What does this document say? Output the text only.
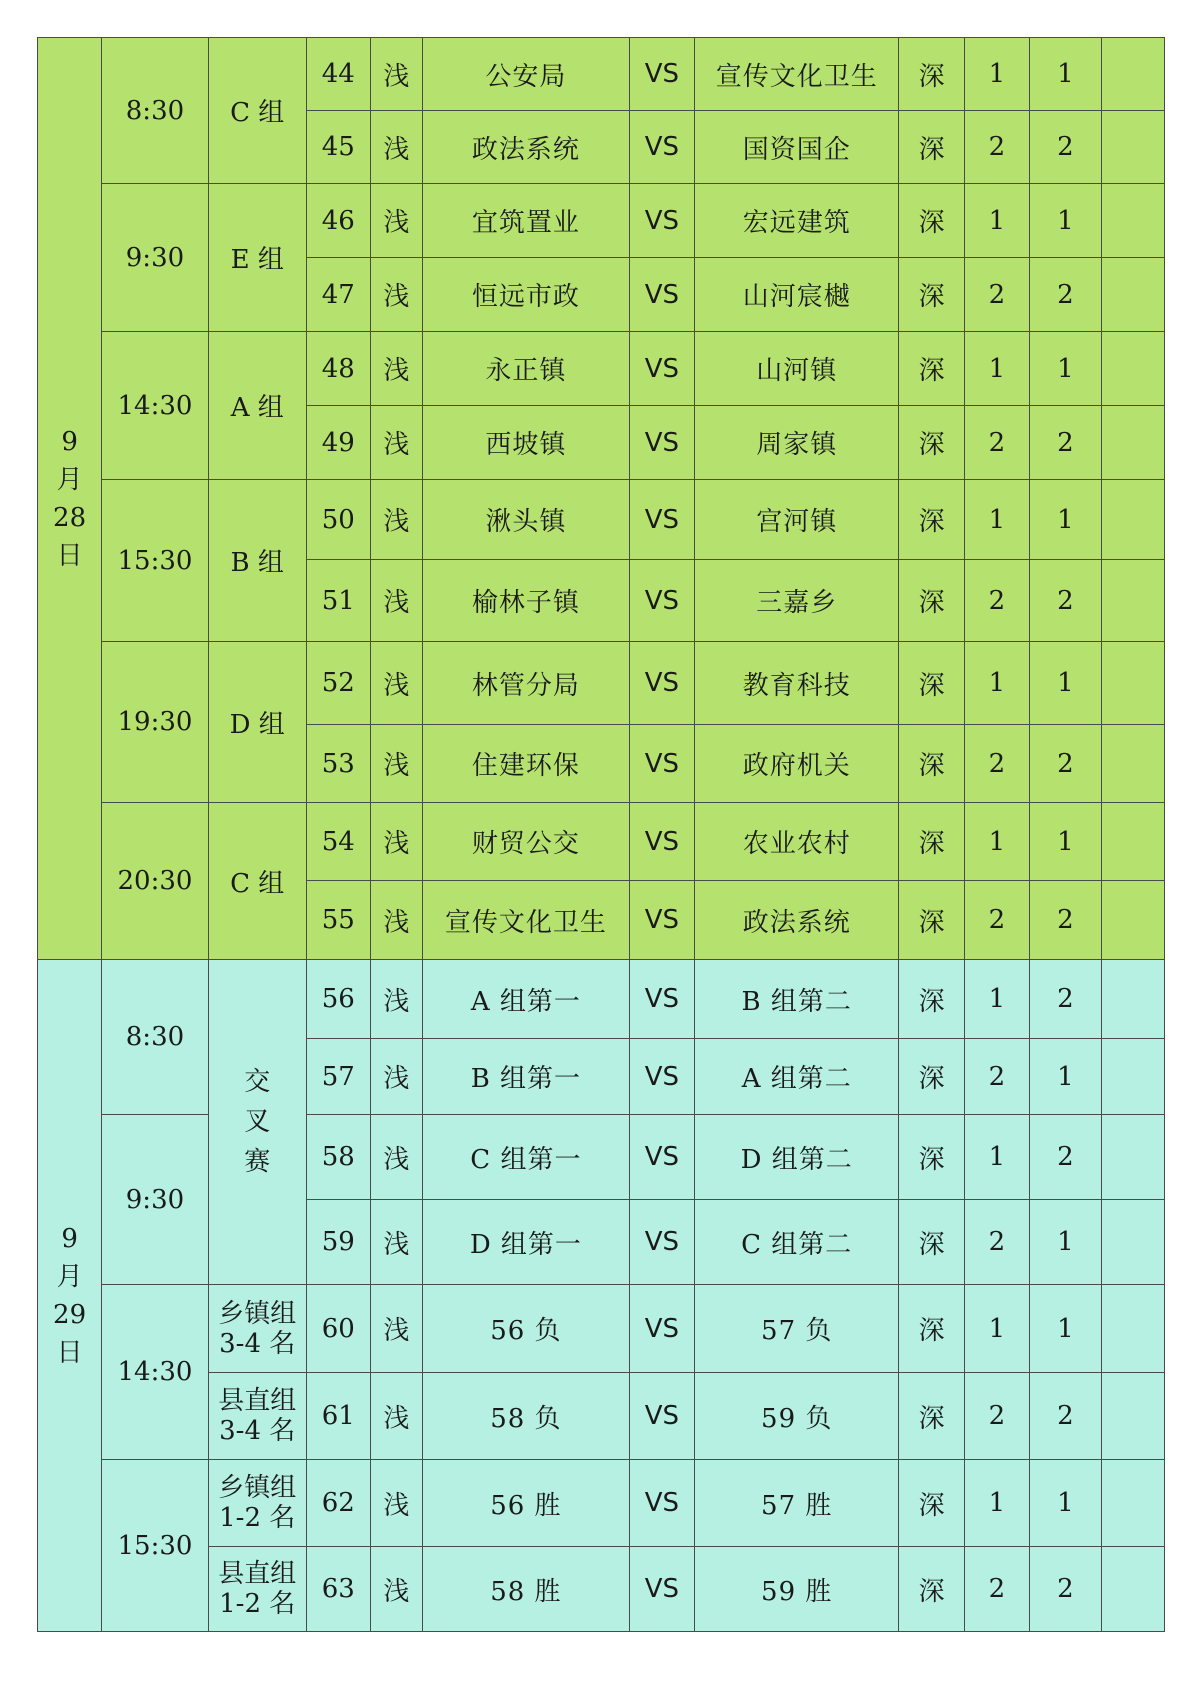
9
月
28
日	8:30	C 组	44	浅	公安局	VS	宣传文化卫生	深	1	1	
			45	浅	政法系统	VS	国资国企	深	2	2	
	9:30	E 组	46	浅	宜筑置业	VS	宏远建筑	深	1	1	
			47	浅	恒远市政	VS	山河宸樾	深	2	2	
	14:30	A 组	48	浅	永正镇	VS	山河镇	深	1	1	
			49	浅	西坡镇	VS	周家镇	深	2	2	
	15:30	B 组	50	浅	湫头镇	VS	宫河镇	深	1	1	
			51	浅	榆林子镇	VS	三嘉乡	深	2	2	
	19:30	D 组	52	浅	林管分局	VS	教育科技	深	1	1	
			53	浅	住建环保	VS	政府机关	深	2	2	
	20:30	C 组	54	浅	财贸公交	VS	农业农村	深	1	1	
			55	浅	宣传文化卫生	VS	政法系统	深	2	2	

9
月
29
日	8:30	交
叉
赛	56	浅	A 组第一	VS	B 组第二	深	1	2	
			57	浅	B 组第一	VS	A 组第二	深	2	1	
	9:30		58	浅	C 组第一	VS	D 组第二	深	1	2	
			59	浅	D 组第一	VS	C 组第二	深	2	1	
	14:30	乡镇组
3-4 名	60	浅	56 负	VS	57 负	深	1	1	

		县直组
3-4 名	61	浅	58 负	VS	59 负	深	2	2	
	15:30	乡镇组
1-2 名	62	浅	56 胜	VS	57 胜	深	1	1	

		县直组
1-2 名	63	浅	58 胜	VS	59 胜	深	2	2	
